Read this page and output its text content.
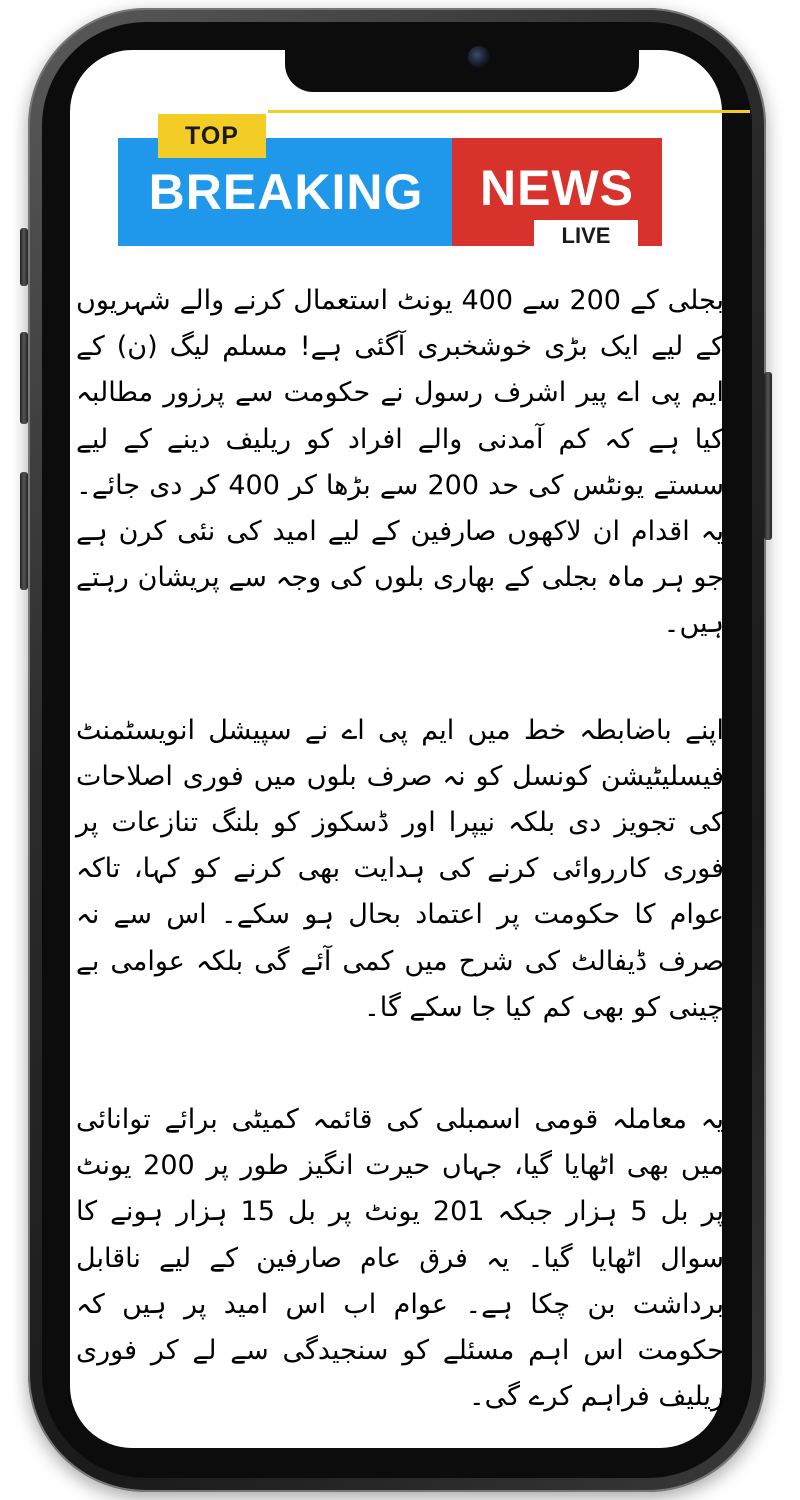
BREAKING	NEWS
TOP
LIVE

بجلی کے 200 سے 400 یونٹ استعمال کرنے والے شہریوں کے لیے ایک بڑی خوشخبری آگئی ہے! مسلم لیگ (ن) کے ایم پی اے پیر اشرف رسول نے حکومت سے پرزور مطالبہ کیا ہے کہ کم آمدنی والے افراد کو ریلیف دینے کے لیے سستے یونٹس کی حد 200 سے بڑھا کر 400 کر دی جائے۔ یہ اقدام ان لاکھوں صارفین کے لیے امید کی نئی کرن ہے جو ہر ماہ بجلی کے بھاری بلوں کی وجہ سے پریشان رہتے ہیں۔

اپنے باضابطہ خط میں ایم پی اے نے سپیشل انویسٹمنٹ فیسلیٹیشن کونسل کو نہ صرف بلوں میں فوری اصلاحات کی تجویز دی بلکہ نیپرا اور ڈسکوز کو بلنگ تنازعات پر فوری کارروائی کرنے کی ہدایت بھی کرنے کو کہا، تاکہ عوام کا حکومت پر اعتماد بحال ہو سکے۔ اس سے نہ صرف ڈیفالٹ کی شرح میں کمی آئے گی بلکہ عوامی بے چینی کو بھی کم کیا جا سکے گا۔

یہ معاملہ قومی اسمبلی کی قائمہ کمیٹی برائے توانائی میں بھی اٹھایا گیا، جہاں حیرت انگیز طور پر 200 یونٹ پر بل 5 ہزار جبکہ 201 یونٹ پر بل 15 ہزار ہونے کا سوال اٹھایا گیا۔ یہ فرق عام صارفین کے لیے ناقابل برداشت بن چکا ہے۔ عوام اب اس امید پر ہیں کہ حکومت اس اہم مسئلے کو سنجیدگی سے لے کر فوری ریلیف فراہم کرے گی۔
